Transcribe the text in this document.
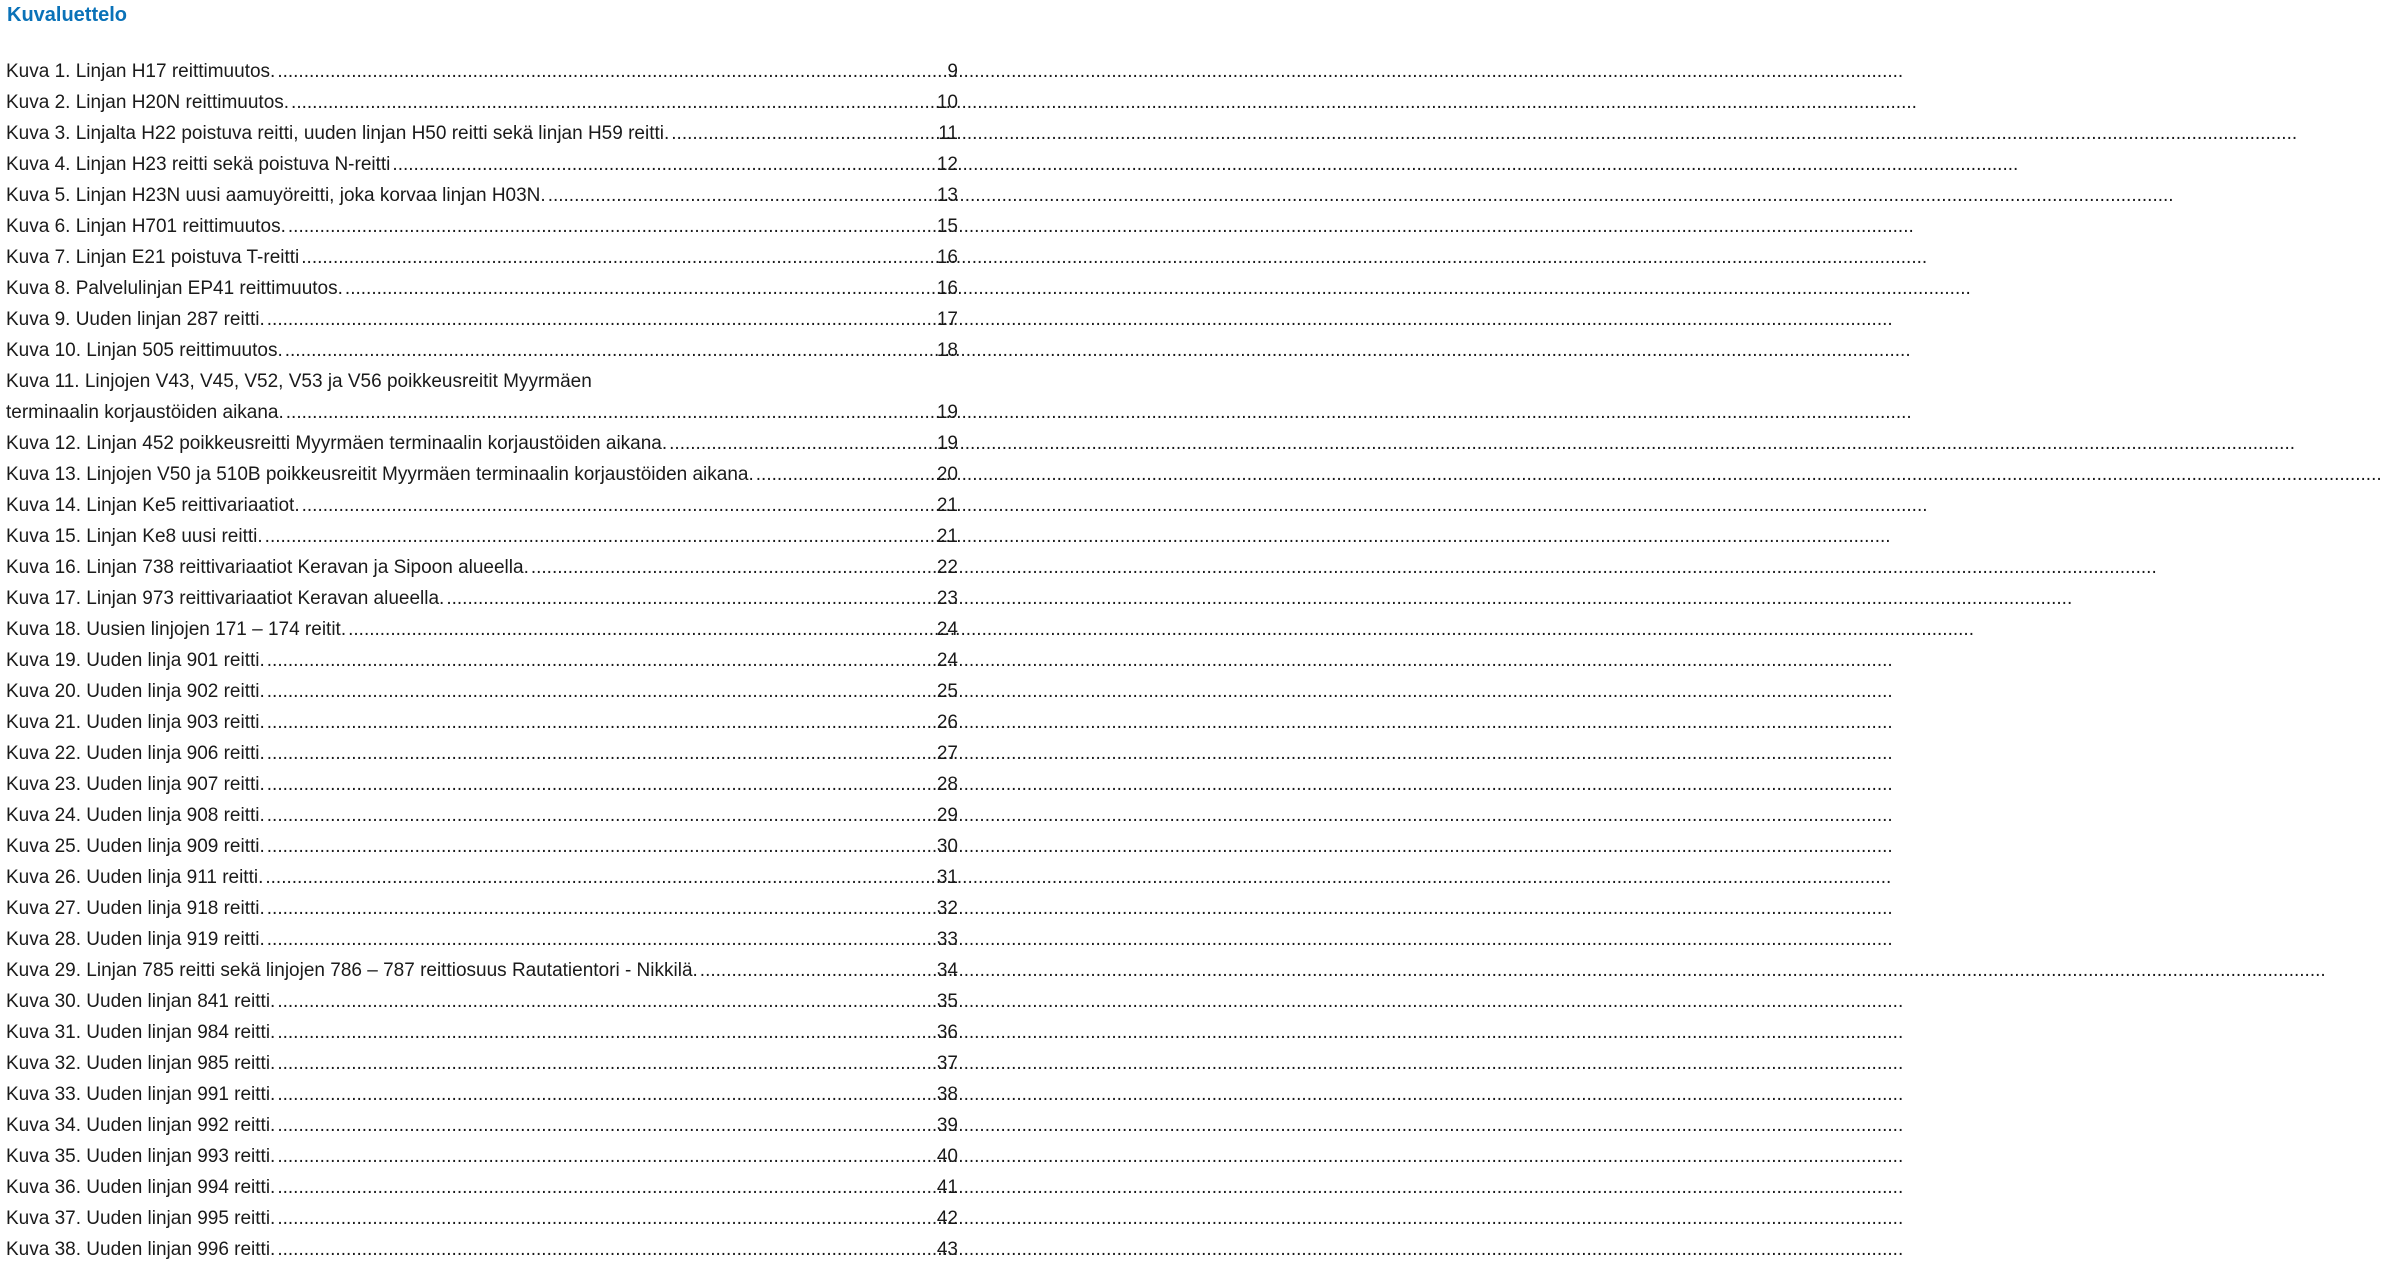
Kuvaluettelo
Kuva 1. Linjan H17 reittimuutos. .....	9
Kuva 2. Linjan H20N reittimuutos. .....	10
Kuva 3. Linjalta H22 poistuva reitti, uuden linjan H50 reitti sekä linjan H59 reitti. .....	11
Kuva 4. Linjan H23 reitti sekä poistuva N-reitti .....	12
Kuva 5. Linjan H23N uusi aamuyöreitti, joka korvaa linjan H03N. .....	13
Kuva 6. Linjan H701 reittimuutos. .....	15
Kuva 7. Linjan E21 poistuva T-reitti .....	16
Kuva 8. Palvelulinjan EP41 reittimuutos. .....	16
Kuva 9. Uuden linjan 287 reitti. .....	17
Kuva 10. Linjan 505 reittimuutos. .....	18
Kuva 11. Linjojen V43, V45, V52, V53 ja V56 poikkeusreitit Myyrmäen
terminaalin korjaustöiden aikana. .....	19
Kuva 12. Linjan 452 poikkeusreitti Myyrmäen terminaalin korjaustöiden aikana. .....	19
Kuva 13. Linjojen V50 ja 510B poikkeusreitit Myyrmäen terminaalin korjaustöiden aikana. .....	20
Kuva 14. Linjan Ke5 reittivariaatiot. .....	21
Kuva 15. Linjan Ke8 uusi reitti. .....	21
Kuva 16. Linjan 738 reittivariaatiot Keravan ja Sipoon alueella. .....	22
Kuva 17. Linjan 973 reittivariaatiot Keravan alueella. .....	23
Kuva 18. Uusien linjojen 171 – 174 reitit. .....	24
Kuva 19. Uuden linja 901 reitti. .....	24
Kuva 20. Uuden linja 902 reitti. .....	25
Kuva 21. Uuden linja 903 reitti. .....	26
Kuva 22. Uuden linja 906 reitti. .....	27
Kuva 23. Uuden linja 907 reitti. .....	28
Kuva 24. Uuden linja 908 reitti. .....	29
Kuva 25. Uuden linja 909 reitti. .....	30
Kuva 26. Uuden linja 911 reitti. .....	31
Kuva 27. Uuden linja 918 reitti. .....	32
Kuva 28. Uuden linja 919 reitti. .....	33
Kuva 29. Linjan 785 reitti sekä linjojen 786 – 787 reittiosuus Rautatientori - Nikkilä. .....	34
Kuva 30. Uuden linjan 841 reitti. .....	35
Kuva 31. Uuden linjan 984 reitti. .....	36
Kuva 32. Uuden linjan 985 reitti. .....	37
Kuva 33. Uuden linjan 991 reitti. .....	38
Kuva 34. Uuden linjan 992 reitti. .....	39
Kuva 35. Uuden linjan 993 reitti. .....	40
Kuva 36. Uuden linjan 994 reitti. .....	41
Kuva 37. Uuden linjan 995 reitti. .....	42
Kuva 38. Uuden linjan 996 reitti. .....	43
